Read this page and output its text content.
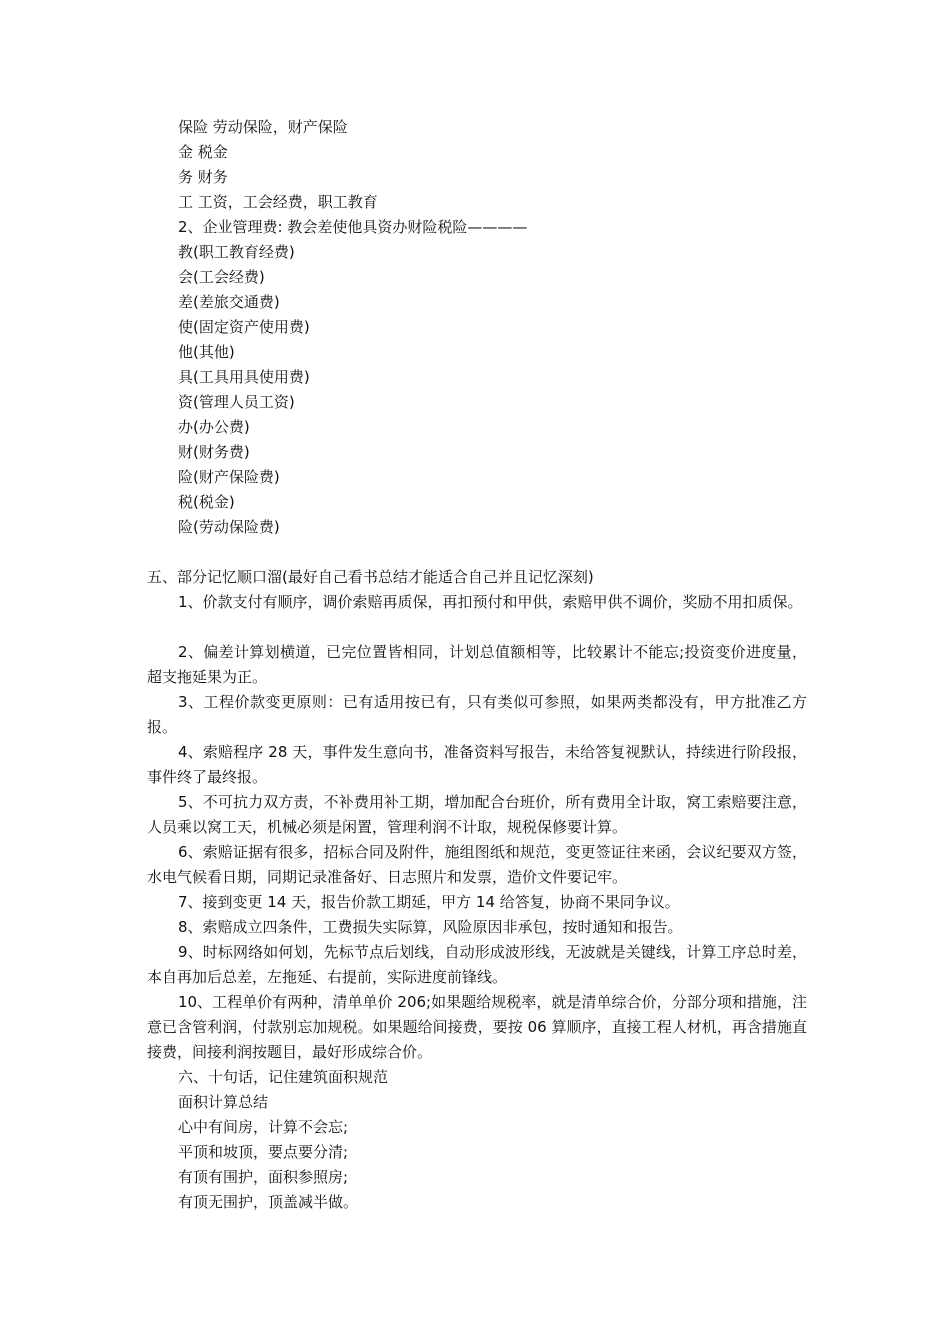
保险 劳动保险，财产保险
金 税金
务 财务
工 工资，工会经费，职工教育
2、企业管理费: 教会差使他具资办财险税险————
教(职工教育经费)
会(工会经费)
差(差旅交通费)
使(固定资产使用费)
他(其他)
具(工具用具使用费)
资(管理人员工资)
办(办公费)
财(财务费)
险(财产保险费)
税(税金)
险(劳动保险费)
五、部分记忆顺口溜(最好自己看书总结才能适合自己并且记忆深刻)
1、价款支付有顺序，调价索赔再质保，再扣预付和甲供，索赔甲供不调价，奖励不用扣质保。
2、偏差计算划横道，已完位置皆相同，计划总值额相等，比较累计不能忘;投资变价进度量，超支拖延果为正。
3、工程价款变更原则：已有适用按已有，只有类似可参照，如果两类都没有，甲方批准乙方报。
4、索赔程序 28 天，事件发生意向书，准备资料写报告，未给答复视默认，持续进行阶段报，事件终了最终报。
5、不可抗力双方责，不补费用补工期，增加配合台班价，所有费用全计取，窝工索赔要注意，人员乘以窝工天，机械必须是闲置，管理利润不计取，规税保修要计算。
6、索赔证据有很多，招标合同及附件，施组图纸和规范，变更签证往来函，会议纪要双方签，水电气候看日期，同期记录准备好、日志照片和发票，造价文件要记牢。
7、接到变更 14 天，报告价款工期延，甲方 14 给答复，协商不果同争议。
8、索赔成立四条件，工费损失实际算，风险原因非承包，按时通知和报告。
9、时标网络如何划，先标节点后划线，自动形成波形线，无波就是关键线，计算工序总时差，本自再加后总差，左拖延、右提前，实际进度前锋线。
10、工程单价有两种，清单单价 206;如果题给规税率，就是清单综合价，分部分项和措施，注意已含管利润，付款别忘加规税。如果题给间接费，要按 06 算顺序，直接工程人材机，再含措施直接费，间接利润按题目，最好形成综合价。
六、十句话，记住建筑面积规范
面积计算总结
心中有间房，计算不会忘;
平顶和坡顶，要点要分清;
有顶有围护，面积参照房;
有顶无围护，顶盖减半做。
